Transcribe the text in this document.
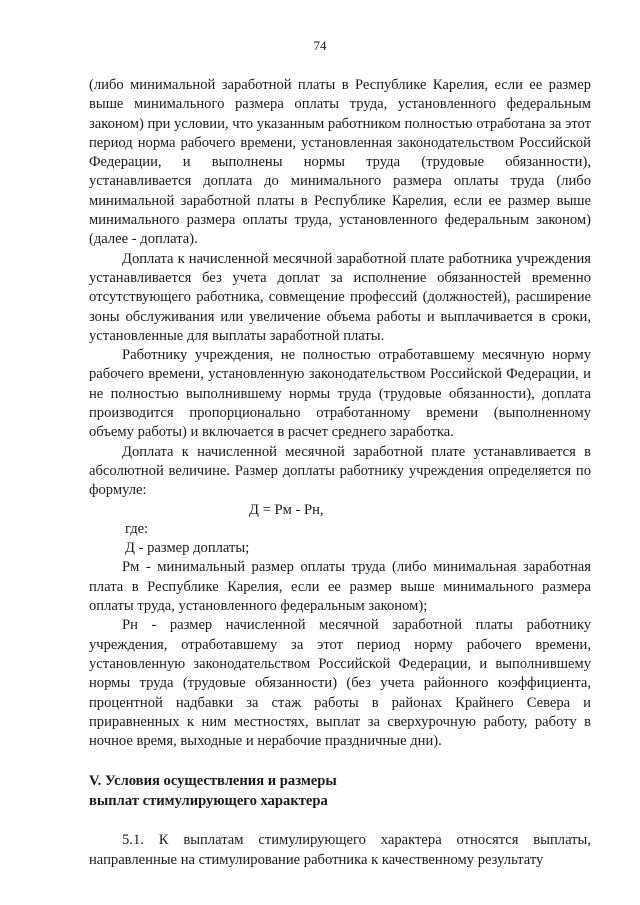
74

(либо минимальной заработной платы в Республике Карелия, если ее размер выше минимального размера оплаты труда, установленного федеральным законом) при условии, что указанным работником полностью отработана за этот период норма рабочего времени, установленная законодательством Российской Федерации, и выполнены нормы труда (трудовые обязанности), устанавливается доплата до минимального размера оплаты труда (либо минимальной заработной платы в Республике Карелия, если ее размер выше минимального размера оплаты труда, установленного федеральным законом) (далее - доплата).

Доплата к начисленной месячной заработной плате работника учреждения устанавливается без учета доплат за исполнение обязанностей временно отсутствующего работника, совмещение профессий (должностей), расширение зоны обслуживания или увеличение объема работы и выплачивается в сроки, установленные для выплаты заработной платы.

Работнику учреждения, не полностью отработавшему месячную норму рабочего времени, установленную законодательством Российской Федерации, и не полностью выполнившему нормы труда (трудовые обязанности), доплата производится пропорционально отработанному времени (выполненному объему работы) и включается в расчет среднего заработка.

Доплата к начисленной месячной заработной плате устанавливается в абсолютной величине. Размер доплаты работнику учреждения определяется по формуле:

Д = Рм - Рн,

где:

Д - размер доплаты;

Рм - минимальный размер оплаты труда (либо минимальная заработная плата в Республике Карелия, если ее размер выше минимального размера оплаты труда, установленного федеральным законом);

Рн - размер начисленной месячной заработной платы работнику учреждения, отработавшему за этот период норму рабочего времени, установленную законодательством Российской Федерации, и выполнившему нормы труда (трудовые обязанности) (без учета районного коэффициента, процентной надбавки за стаж работы в районах Крайнего Севера и приравненных к ним местностях, выплат за сверхурочную работу, работу в ночное время, выходные и нерабочие праздничные дни).

V. Условия осуществления и размеры

выплат стимулирующего характера

5.1. К выплатам стимулирующего характера относятся выплаты, направленные на стимулирование работника к качественному результату
